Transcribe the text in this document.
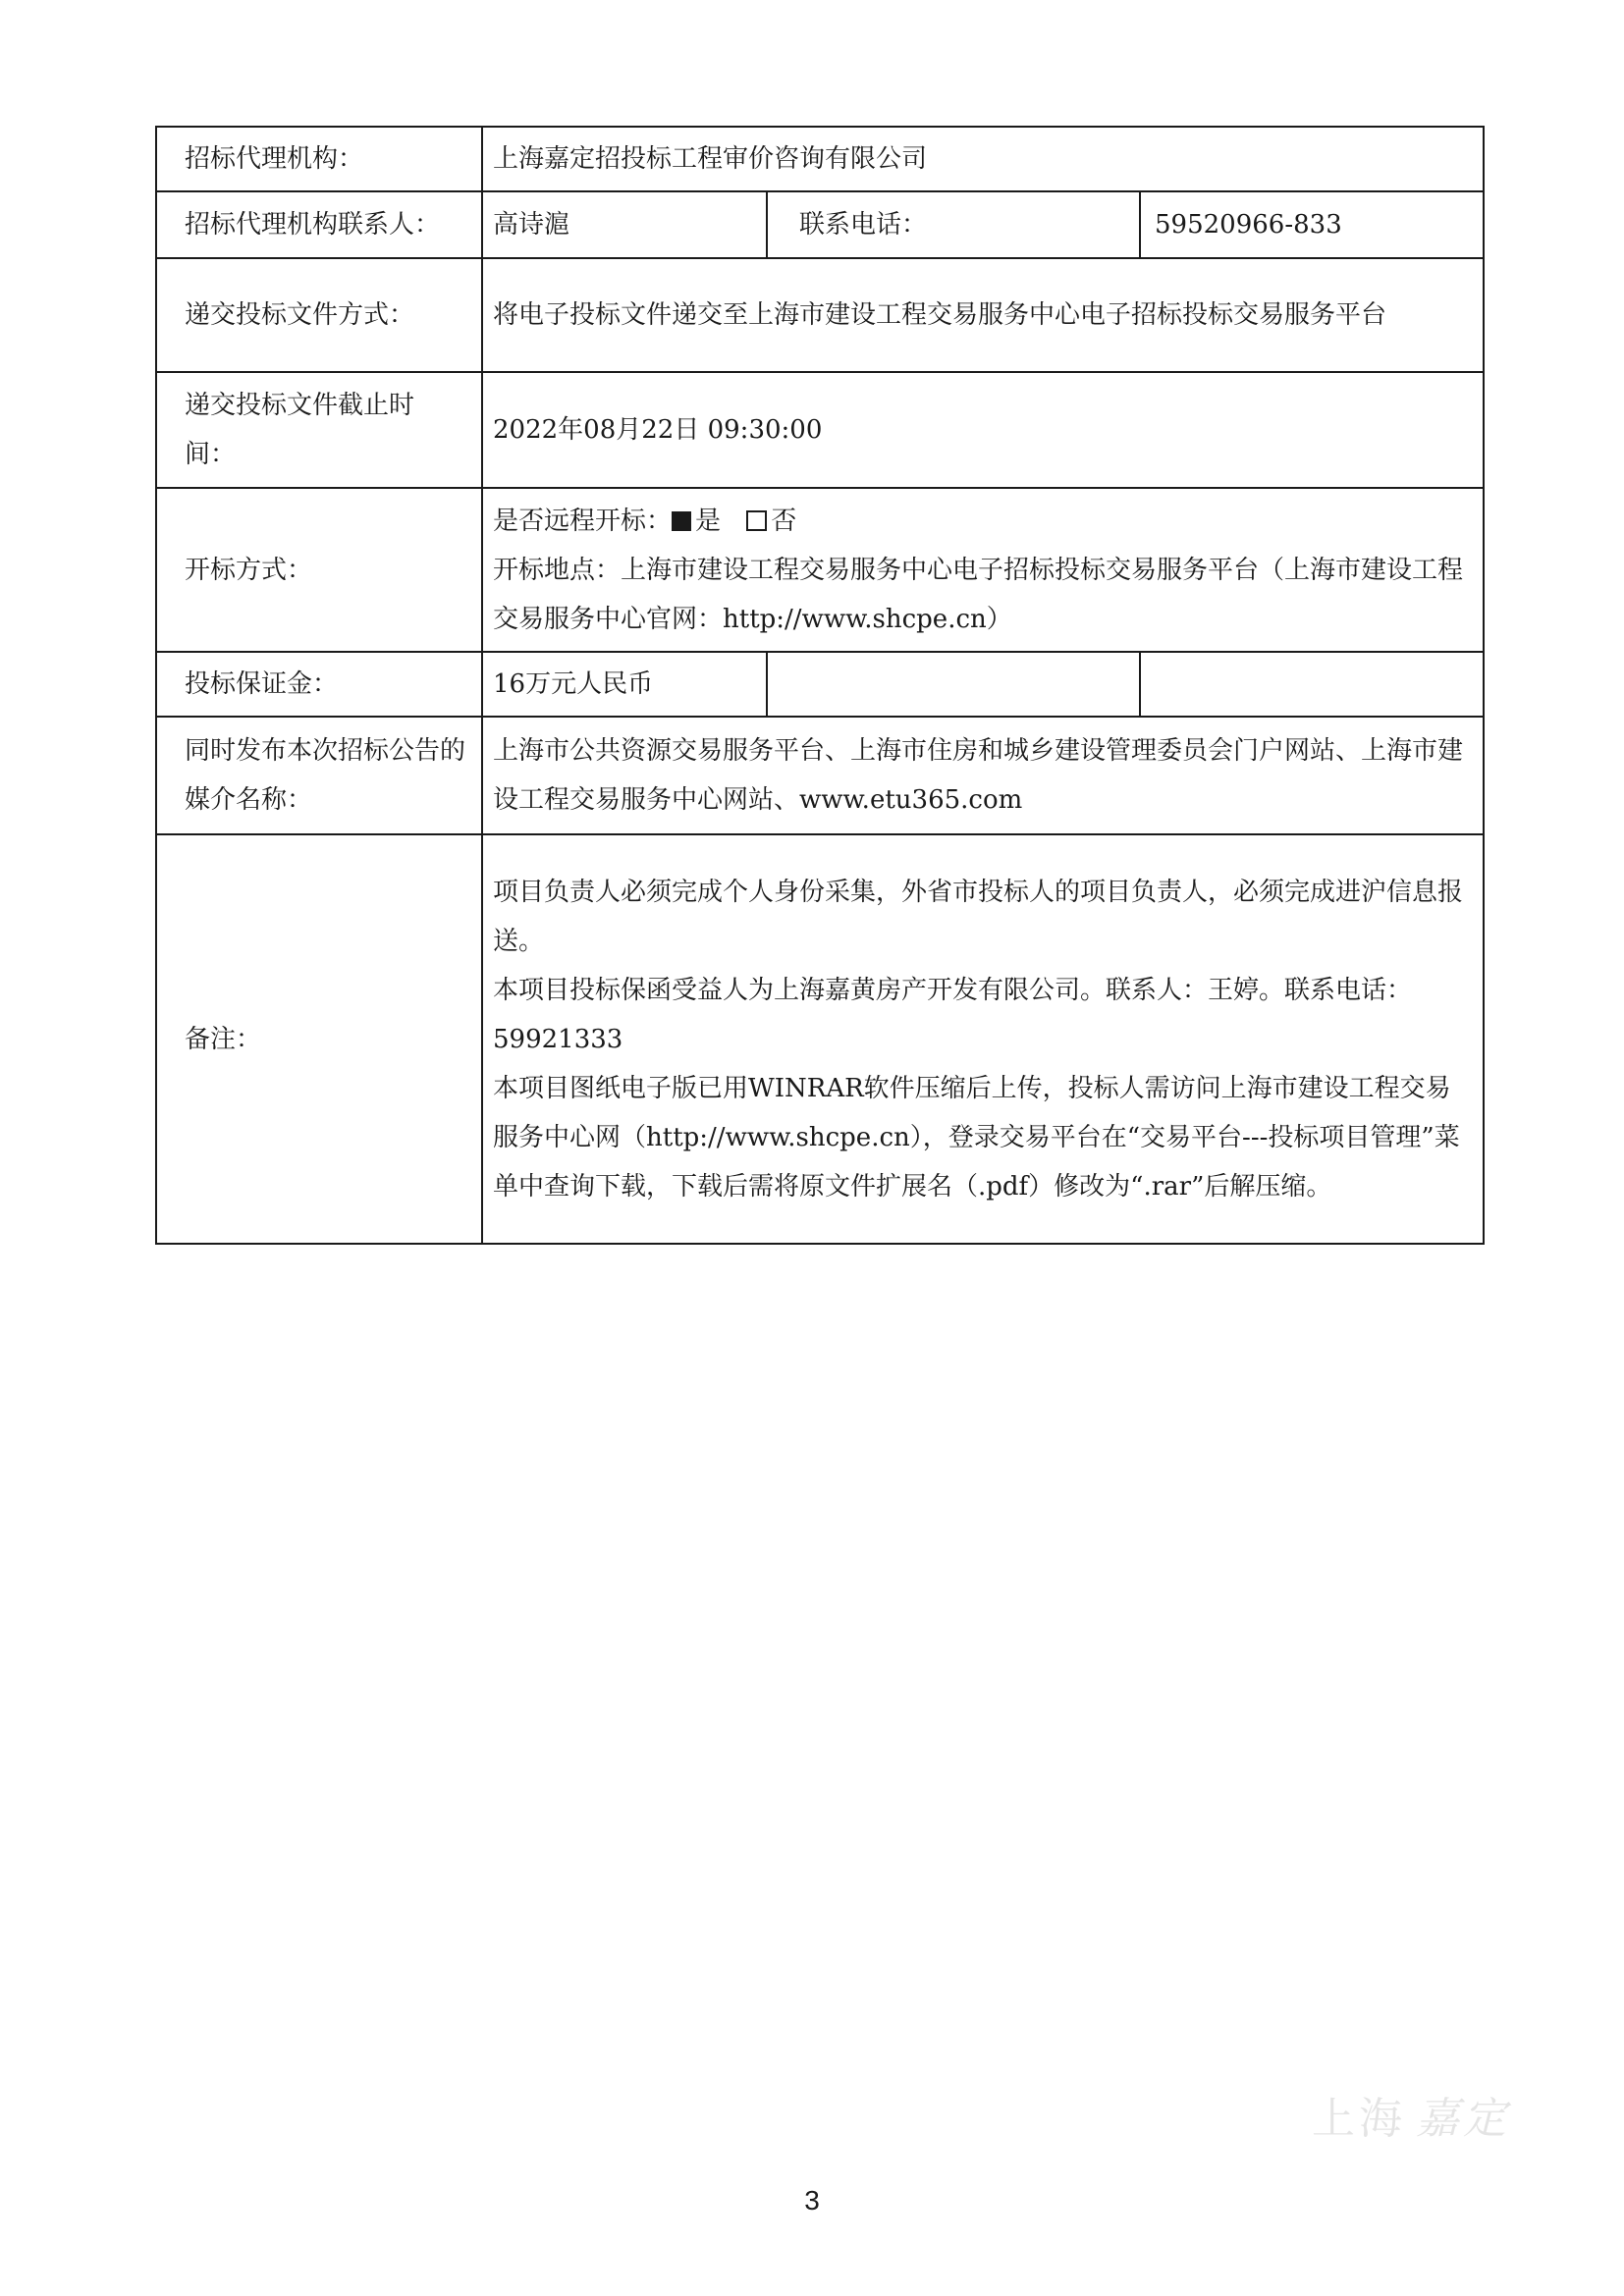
招标代理机构：	上海嘉定招投标工程审价咨询有限公司		
招标代理机构联系人：	高诗滬	联系电话：	59520966-833
递交投标文件方式：	将电子投标文件递交至上海市建设工程交易服务中心电子招标投标交易服务平台		
递交投标文件截止时间：	2022年08月22日 09:30:00		
开标方式：	是否远程开标： 是 否
开标地点：上海市建设工程交易服务中心电子招标投标交易服务平台（上海市建设工程交易服务中心官网：http://www.shcpe.cn）		

投标保证金：	16万元人民币		
同时发布本次招标公告的媒介名称：	上海市公共资源交易服务平台、上海市住房和城乡建设管理委员会门户网站、上海市建设工程交易服务中心网站、www.etu365.com		
备注：	项目负责人必须完成个人身份采集，外省市投标人的项目负责人，必须完成进沪信息报送。
本项目投标保函受益人为上海嘉黄房产开发有限公司。联系人：王婷。联系电话：59921333
本项目图纸电子版已用WINRAR软件压缩后上传，投标人需访问上海市建设工程交易服务中心网（http://www.shcpe.cn），登录交易平台在“交易平台---投标项目管理”菜单中查询下载，下载后需将原文件扩展名（.pdf）修改为“.rar”后解压缩。		
上海 嘉定
3
